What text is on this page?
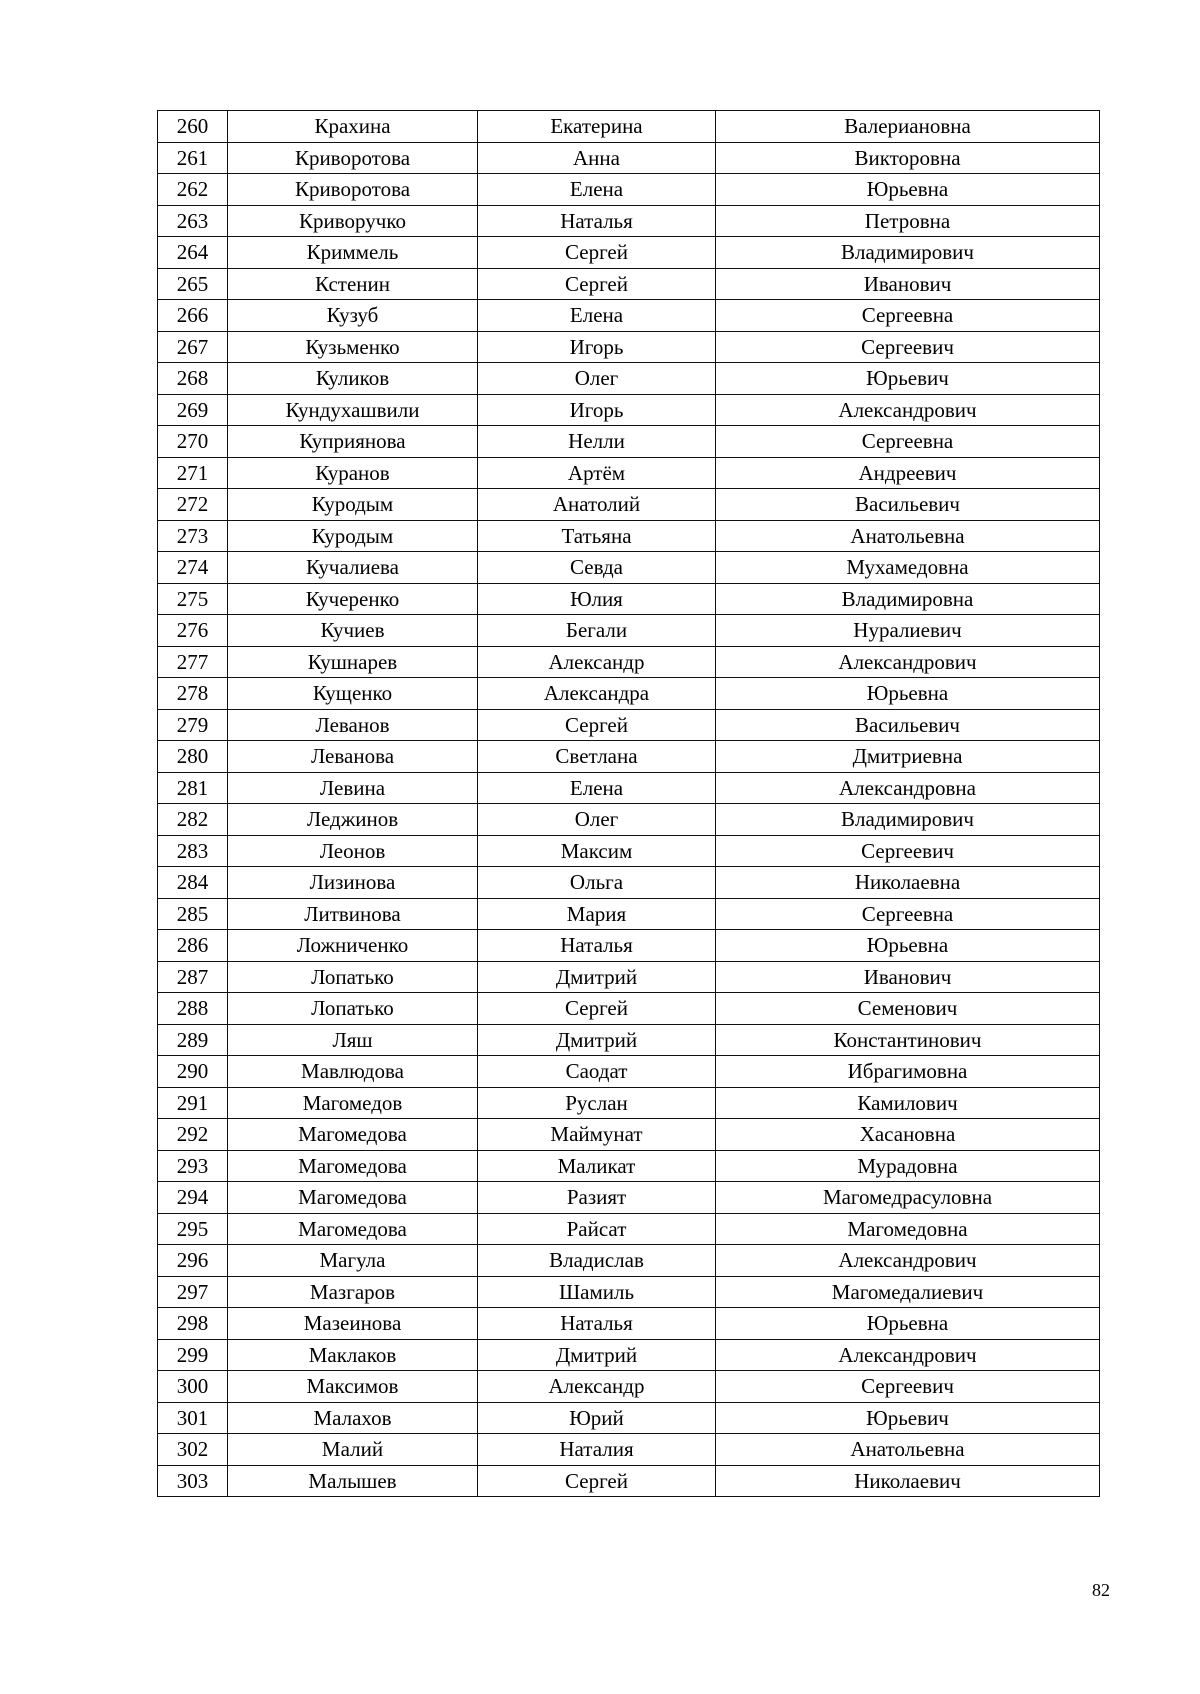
260	Крахина	Екатерина	Валериановна
261	Криворотова	Анна	Викторовна
262	Криворотова	Елена	Юрьевна
263	Криворучко	Наталья	Петровна
264	Криммель	Сергей	Владимирович
265	Кстенин	Сергей	Иванович
266	Кузуб	Елена	Сергеевна
267	Кузьменко	Игорь	Сергеевич
268	Куликов	Олег	Юрьевич
269	Кундухашвили	Игорь	Александрович
270	Куприянова	Нелли	Сергеевна
271	Куранов	Артём	Андреевич
272	Куродым	Анатолий	Васильевич
273	Куродым	Татьяна	Анатольевна
274	Кучалиева	Севда	Мухамедовна
275	Кучеренко	Юлия	Владимировна
276	Кучиев	Бегали	Нуралиевич
277	Кушнарев	Александр	Александрович
278	Кущенко	Александра	Юрьевна
279	Леванов	Сергей	Васильевич
280	Леванова	Светлана	Дмитриевна
281	Левина	Елена	Александровна
282	Леджинов	Олег	Владимирович
283	Леонов	Максим	Сергеевич
284	Лизинова	Ольга	Николаевна
285	Литвинова	Мария	Сергеевна
286	Ложниченко	Наталья	Юрьевна
287	Лопатько	Дмитрий	Иванович
288	Лопатько	Сергей	Семенович
289	Ляш	Дмитрий	Константинович
290	Мавлюдова	Саодат	Ибрагимовна
291	Магомедов	Руслан	Камилович
292	Магомедова	Маймунат	Хасановна
293	Магомедова	Маликат	Мурадовна
294	Магомедова	Разият	Магомедрасуловна
295	Магомедова	Райсат	Магомедовна
296	Магула	Владислав	Александрович
297	Мазгаров	Шамиль	Магомедалиевич
298	Мазеинова	Наталья	Юрьевна
299	Маклаков	Дмитрий	Александрович
300	Максимов	Александр	Сергеевич
301	Малахов	Юрий	Юрьевич
302	Малий	Наталия	Анатольевна
303	Малышев	Сергей	Николаевич
82
